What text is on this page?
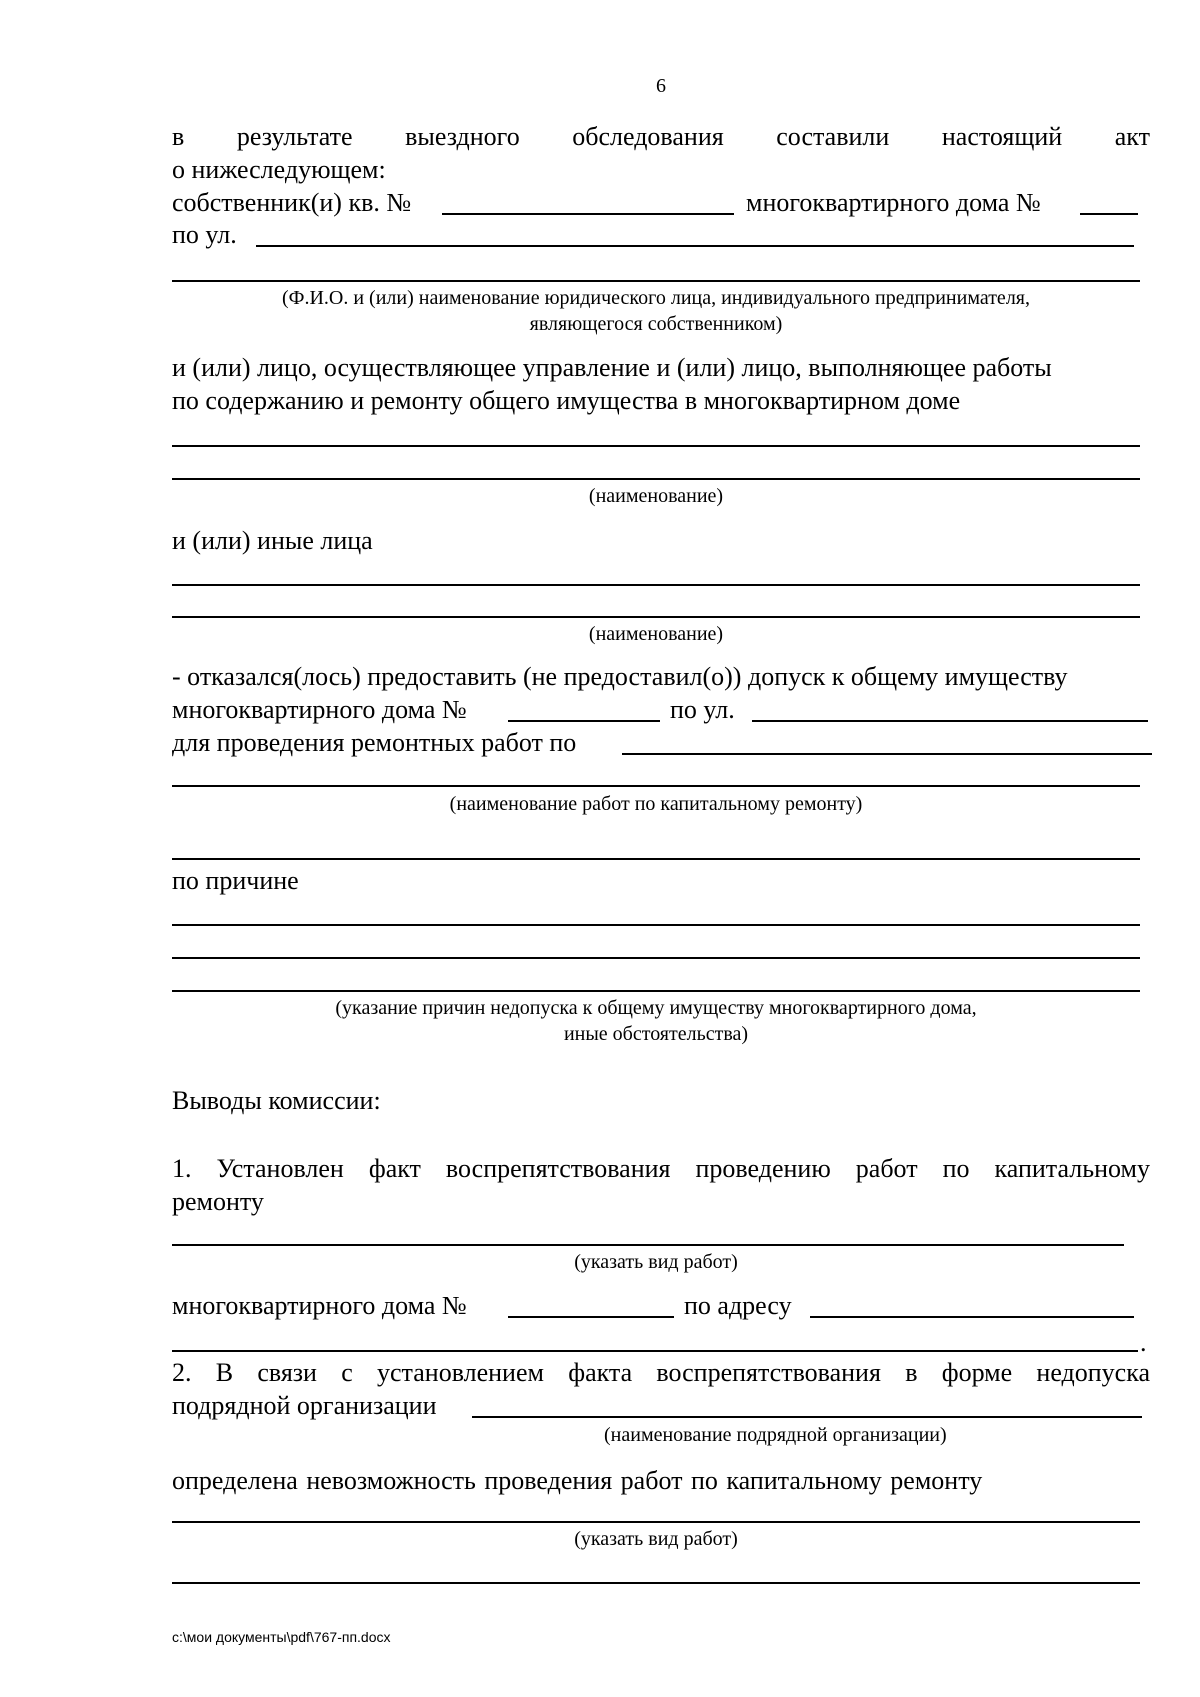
6
в результате выездного обследования составили настоящий акт
о нижеследующем:
собственник(и) кв. №	многоквартирного дома №
по ул.
(Ф.И.О. и (или) наименование юридического лица, индивидуального предпринимателя,
являющегося собственником)
и (или) лицо, осуществляющее управление и (или) лицо, выполняющее работы
по содержанию и ремонту общего имущества в многоквартирном доме
(наименование)
и (или) иные лица
(наименование)
- отказался(лось) предоставить (не предоставил(о)) допуск к общему имуществу
многоквартирного дома №	по ул.
для проведения ремонтных работ по
(наименование работ по капитальному ремонту)
по причине
(указание причин недопуска к общему имуществу многоквартирного дома,
иные обстоятельства)
Выводы комиссии:
1. Установлен факт воспрепятствования проведению работ по капитальному
ремонту
(указать вид работ)
многоквартирного дома №	по адресу
.
2. В связи с установлением факта воспрепятствования в форме недопуска
подрядной организации
(наименование подрядной организации)
определена невозможность проведения работ по капитальному ремонту
(указать вид работ)
c:\мои документы\pdf\767-пп.docx
